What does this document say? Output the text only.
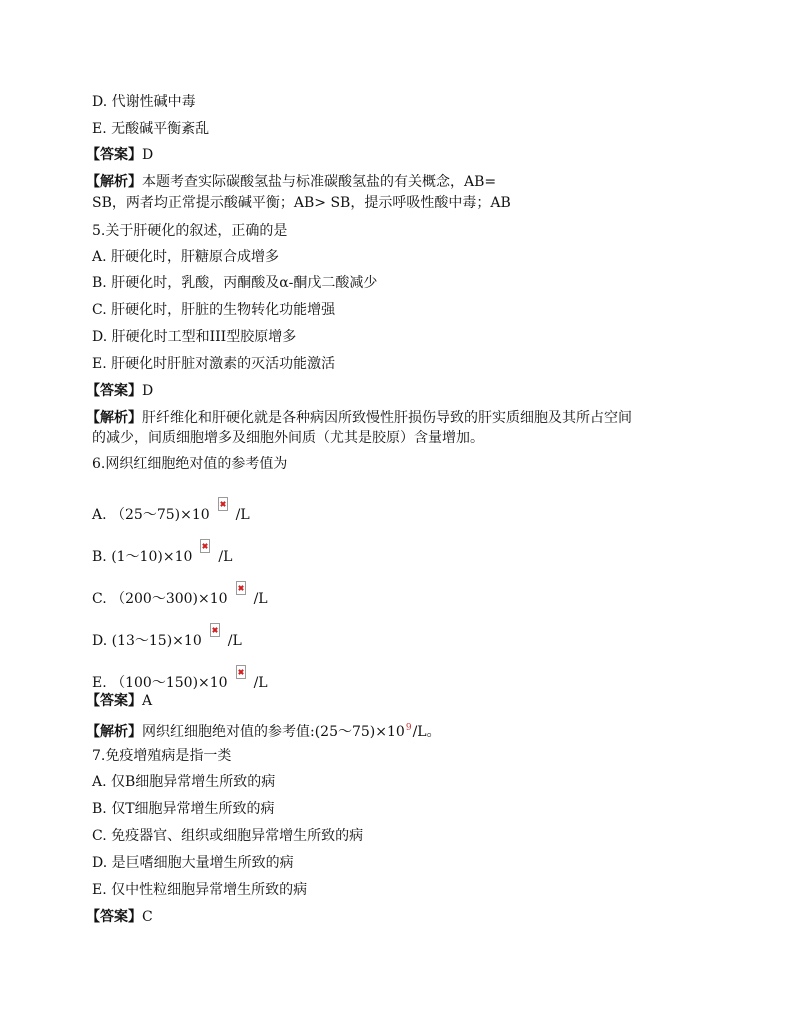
D. 代谢性碱中毒

E. 无酸碱平衡紊乱

【答案】D

【解析】本题考查实际碳酸氢盐与标准碳酸氢盐的有关概念，AB=

SB，两者均正常提示酸碱平衡；AB> SB，提示呼吸性酸中毒；AB

5.关于肝硬化的叙述，正确的是

A. 肝硬化时，肝糖原合成增多

B. 肝硬化时，乳酸，丙酮酸及α-酮戊二酸减少

C. 肝硬化时，肝脏的生物转化功能增强

D. 肝硬化时工型和III型胶原增多

E. 肝硬化时肝脏对激素的灭活功能激活

【答案】D

【解析】肝纤维化和肝硬化就是各种病因所致慢性肝损伤导致的肝实质细胞及其所占空间

的减少，间质细胞增多及细胞外间质（尤其是胶原）含量增加。

6.网织红细胞绝对值的参考值为

A. （25～75)×10 /L

B. (1～10)×10 /L

C. （200～300)×10 /L

D. (13～15)×10 /L

E. （100～150)×10 /L

【答案】A

【解析】网织红细胞绝对值的参考值$:(25\sim 75)\times 10^9/L$。

7.免疫增殖病是指一类

A. 仅B细胞异常增生所致的病

B. 仅T细胞异常增生所致的病

C. 免疫器官、组织或细胞异常增生所致的病

D. 是巨嗜细胞大量增生所致的病

E. 仅中性粒细胞异常增生所致的病

【答案】C
